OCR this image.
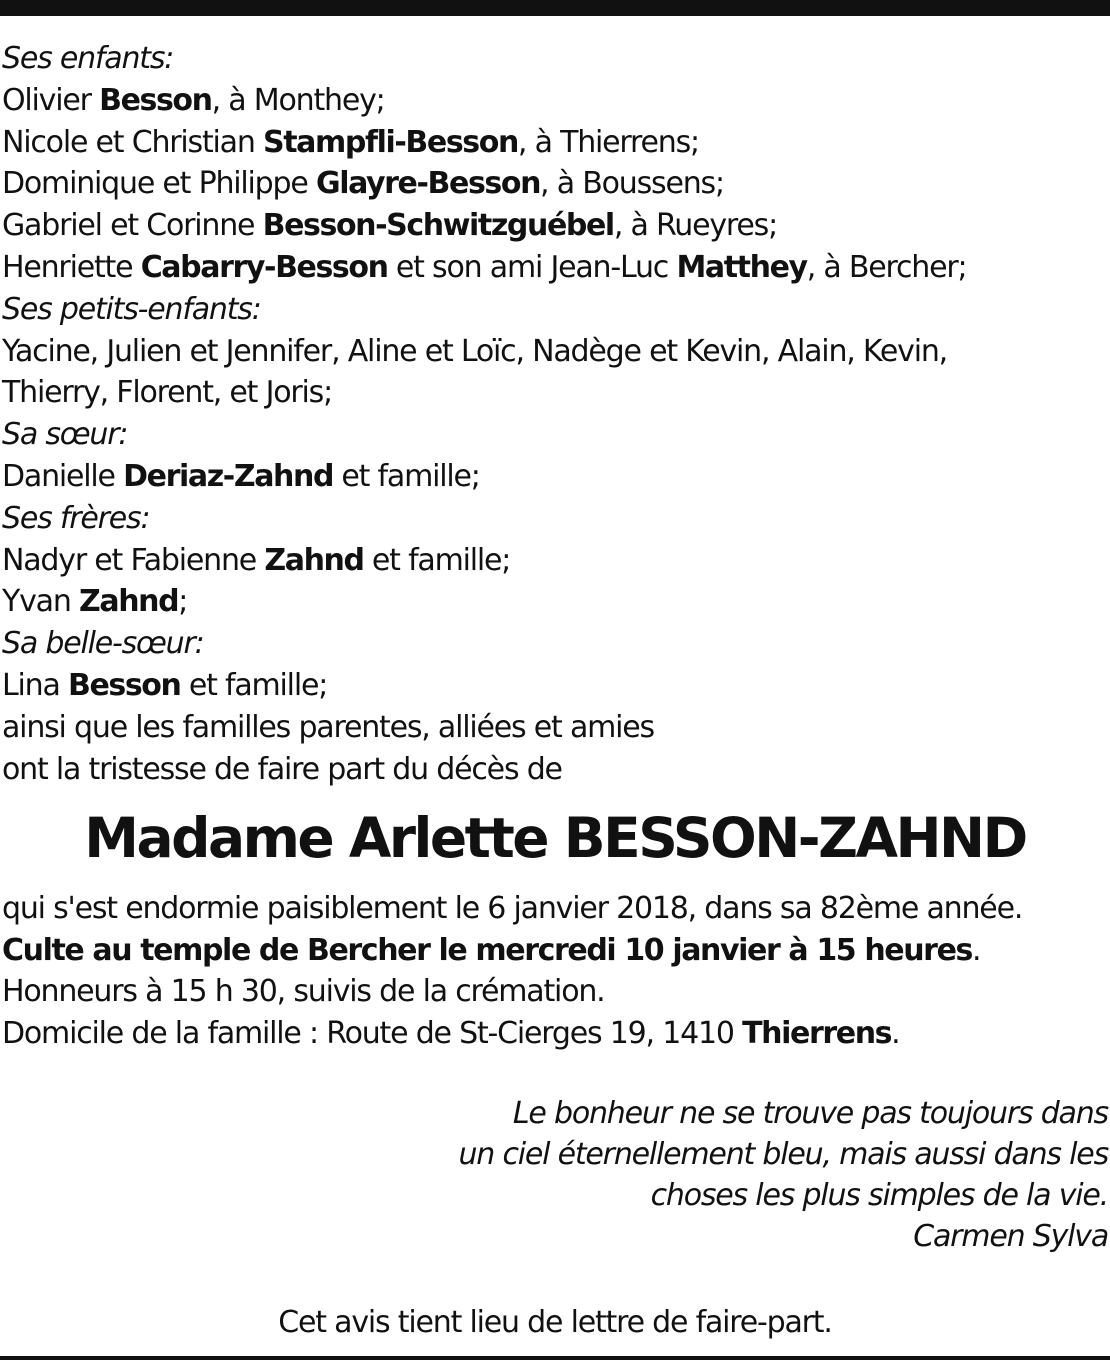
Ses enfants:
Olivier Besson, à Monthey;
Nicole et Christian Stampfli-Besson, à Thierrens;
Dominique et Philippe Glayre-Besson, à Boussens;
Gabriel et Corinne Besson-Schwitzguébel, à Rueyres;
Henriette Cabarry-Besson et son ami Jean-Luc Matthey, à Bercher;
Ses petits-enfants:
Yacine, Julien et Jennifer, Aline et Loïc, Nadège et Kevin, Alain, Kevin,
Thierry, Florent, et Joris;
Sa sœur:
Danielle Deriaz-Zahnd et famille;
Ses frères:
Nadyr et Fabienne Zahnd et famille;
Yvan Zahnd;
Sa belle-sœur:
Lina Besson et famille;
ainsi que les familles parentes, alliées et amies
ont la tristesse de faire part du décès de
Madame Arlette BESSON-ZAHND
qui s'est endormie paisiblement le 6 janvier 2018, dans sa 82ème année.
Culte au temple de Bercher le mercredi 10 janvier à 15 heures.
Honneurs à 15 h 30, suivis de la crémation.
Domicile de la famille : Route de St-Cierges 19, 1410 Thierrens.
Le bonheur ne se trouve pas toujours dans
un ciel éternellement bleu, mais aussi dans les
choses les plus simples de la vie.
Carmen Sylva
Cet avis tient lieu de lettre de faire-part.
